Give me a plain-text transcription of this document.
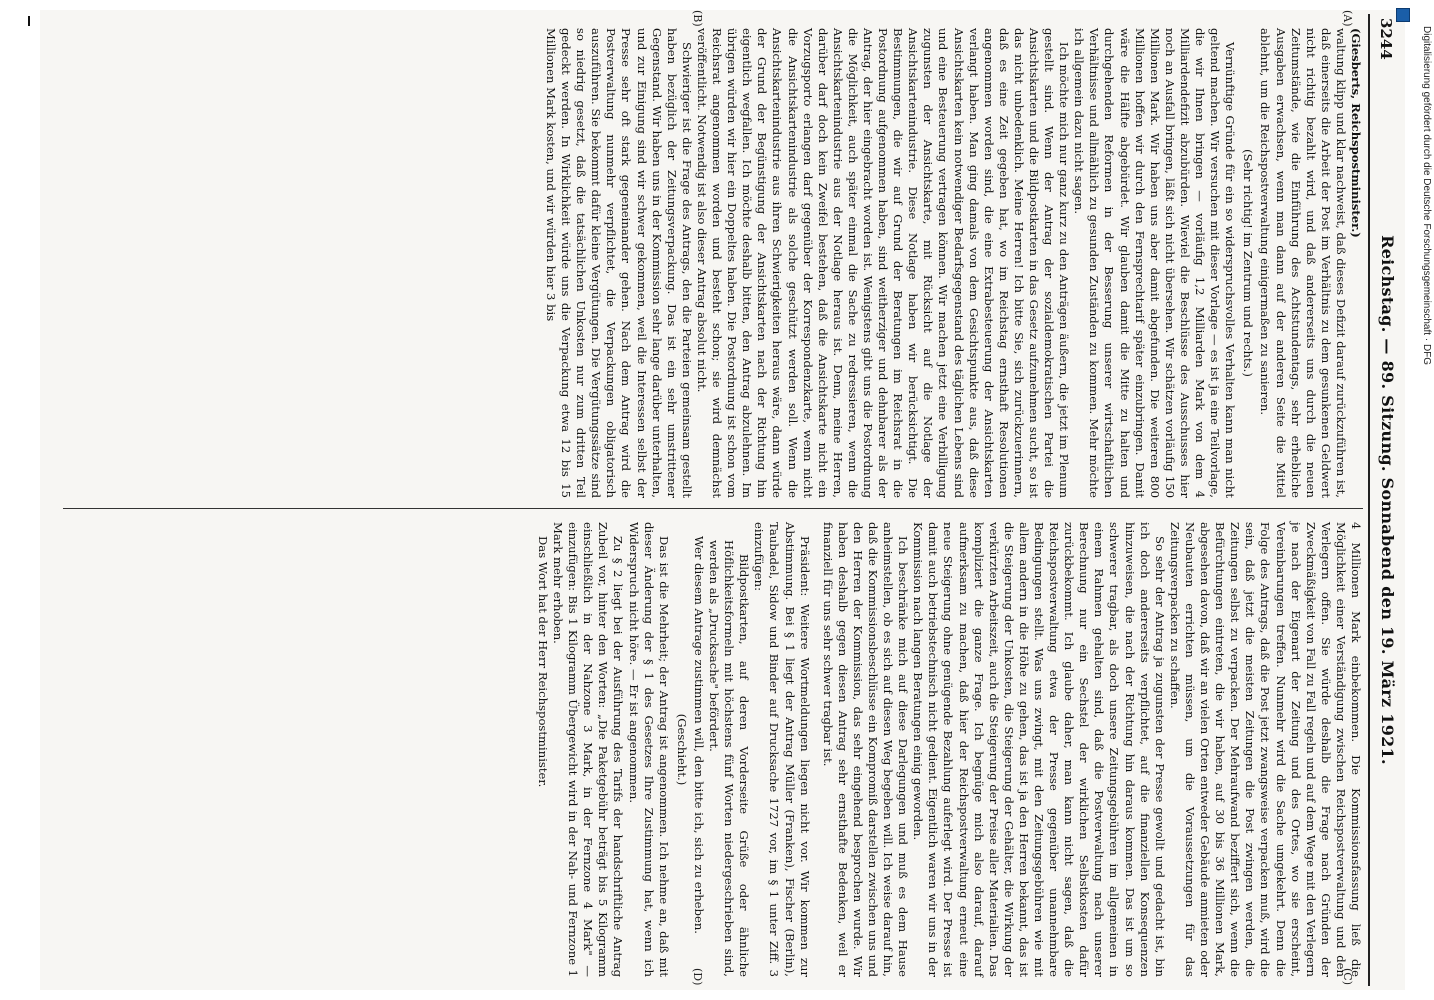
3244
Reichstag. — 89. Sitzung. Sonnabend den 19. März 1921.

(Giesberts, Reichspostminister.)

waltung klipp und klar nachweist, daß dieses Defizit darauf zurückzuführen ist, daß einerseits die Arbeit der Post im Verhältnis zu dem gesunkenen Geldwert nicht richtig bezahlt wird, und daß andererseits uns durch die neuen Zeitumstände, wie die Einführung des Achtstundentags, sehr erhebliche Ausgaben erwachsen, wenn man dann auf der anderen Seite die Mittel ablehnt, um die Reichspostverwaltung einigermaßen zu sanieren.

(Sehr richtig! im Zentrum und rechts.)

Vernünftige Gründe für ein so widerspruchsvolles Verhalten kann man nicht geltend machen. Wir versuchen mit dieser Vorlage — es ist ja eine Teilvorlage, die wir Ihnen bringen — vorläufig 1,2 Milliarden Mark von dem 4 Milliardendefizit abzubürden. Wieviel die Beschlüsse des Ausschusses hier noch an Ausfall bringen, läßt sich nicht übersehen. Wir schätzen vorläufig 150 Millionen Mark. Wir haben uns aber damit abgefunden. Die weiteren 800 Millionen hoffen wir durch den Fernsprechtarif später einzubringen. Damit wäre die Hälfte abgebürdet. Wir glauben damit die Mitte zu halten und durchgehenden Reformen in der Besserung unserer wirtschaftlichen Verhältnisse und allmählich zu gesunden Zuständen zu kommen. Mehr möchte ich allgemein dazu nicht sagen.

Ich möchte mich nur ganz kurz zu den Anträgen äußern, die jetzt im Plenum gestellt sind. Wenn der Antrag der sozialdemokratischen Partei die Ansichtskarten und die Bildpostkarten in das Gesetz aufzunehmen sucht, so ist das nicht unbedenklich. Meine Herren! Ich bitte Sie, sich zurückzuerinnern, daß es eine Zeit gegeben hat, wo im Reichstag ernsthaft Resolutionen angenommen worden sind, die eine Extrabesteuerung der Ansichtskarten verlangt haben. Man ging damals von dem Gesichtspunkte aus, daß diese Ansichtskarten kein notwendiger Bedarfsgegenstand des täglichen Lebens sind und eine Besteuerung vertragen können. Wir machen jetzt eine Verbilligung zugunsten der Ansichtskarte, mit Rücksicht auf die Notlage der Ansichtskartenindustrie. Diese Notlage haben wir berücksichtigt. Die Bestimmungen, die wir auf Grund der Beratungen im Reichsrat in die Postordnung aufgenommen haben, sind weitherziger und dehnbarer als der Antrag, der hier eingebracht worden ist. Wenigstens gibt uns die Postordnung die Möglichkeit, auch später einmal die Sache zu redressieren, wenn die Ansichtskartenindustrie aus der Notlage heraus ist. Denn, meine Herren, darüber darf doch kein Zweifel bestehen, daß die Ansichtskarte nicht ein Vorzugsporto erlangen darf gegenüber der Korrespondenzkarte, wenn nicht die Ansichtskartenindustrie als solche geschützt werden soll. Wenn die Ansichtskartenindustrie aus ihren Schwierigkeiten heraus wäre, dann würde der Grund der Begünstigung der Ansichtskarten nach der Richtung hin eigentlich wegfallen. Ich möchte deshalb bitten, den Antrag abzulehnen. Im übrigen würden wir hier ein Doppeltes haben. Die Postordnung ist schon vom Reichsrat angenommen worden und besteht schon; sie wird demnächst veröffentlicht. Notwendig ist also dieser Antrag absolut nicht.

Schwieriger ist die Frage des Antrags, den die Parteien gemeinsam gestellt haben bezüglich der Zeitungsverpackung. Das ist ein sehr umstrittener Gegenstand. Wir haben uns in der Kommission sehr lange darüber unterhalten, und zur Einigung sind wir schwer gekommen, weil die Interessen selbst der Presse sehr oft stark gegeneinander gehen. Nach dem Antrag wird die Postverwaltung nunmehr verpflichtet, die Verpackungen obligatorisch auszuführen. Sie bekommt dafür kleine Vergütungen. Die Vergütungssätze sind so niedrig gesetzt, daß die tatsächlichen Unkosten nur zum dritten Teil gedeckt werden. In Wirklichkeit würde uns die Verpackung etwa 12 bis 15 Millionen Mark kosten, und wir würden hier 3 bis

4 Millionen Mark einbekommen. Die Kommissionsfassung ließ die Möglichkeit einer Verständigung zwischen Reichspostverwaltung und den Verlegern offen. Sie würde deshalb die Frage nach Gründen der Zweckmäßigkeit von Fall zu Fall regeln und auf dem Wege mit den Verlegern je nach der Eigenart der Zeitung und des Ortes, wo sie erscheint, Vereinbarungen treffen. Nunmehr wird die Sache umgekehrt. Denn die Folge des Antrags, daß die Post jetzt zwangsweise verpacken muß, wird die sein, daß jetzt die meisten Zeitungen die Post zwingen werden, die Zeitungen selbst zu verpacken. Der Mehraufwand beziffert sich, wenn die Befürchtungen eintreten, die wir haben, auf 30 bis 36 Millionen Mark, abgesehen davon, daß wir an vielen Orten entweder Gebäude anmieten oder Neubauten errichten müssen, um die Voraussetzungen für das Zeitungsverpacken zu schaffen.

So sehr der Antrag ja zugunsten der Presse gewollt und gedacht ist, bin ich doch andererseits verpflichtet, auf die finanziellen Konsequenzen hinzuweisen, die nach der Richtung hin daraus kommen. Das ist um so schwerer tragbar, als doch unsere Zeitungsgebühren im allgemeinen in einem Rahmen gehalten sind, daß die Postverwaltung nach unserer Berechnung nur ein Sechstel der wirklichen Selbstkosten dafür zurückbekommt. Ich glaube daher, man kann nicht sagen, daß die Reichspostverwaltung etwa der Presse gegenüber unannehmbare Bedingungen stellt. Was uns zwingt, mit den Zeitungsgebühren wie mit allem andern in die Höhe zu gehen, das ist ja den Herren bekannt, das ist die Steigerung der Unkosten, die Steigerung der Gehälter, die Wirkung der verkürzten Arbeitszeit, auch die Steigerung der Preise aller Materialien. Das kompliziert die ganze Frage. Ich begnüge mich also darauf, darauf aufmerksam zu machen, daß hier der Reichspostverwaltung erneut eine neue Steigerung ohne genügende Bezahlung auferlegt wird. Der Presse ist damit auch betriebstechnisch nicht gedient. Eigentlich waren wir uns in der Kommission nach langen Beratungen einig geworden.

Ich beschränke mich auf diese Darlegungen und muß es dem Hause anheimstellen, ob es sich auf diesen Weg begeben will. Ich weise darauf hin, daß die Kommissionsbeschlüsse ein Kompromiß darstellen zwischen uns und den Herren der Kommission, das sehr eingehend besprochen wurde. Wir haben deshalb gegen diesen Antrag sehr ernsthafte Bedenken, weil er finanziell für uns sehr schwer tragbar ist.

Präsident: Weitere Wortmeldungen liegen nicht vor. Wir kommen zur Abstimmung. Bei § 1 liegt der Antrag Müller (Franken), Fischer (Berlin), Taubadel, Sidow und Binder auf Drucksache 1727 vor, im § 1 unter Ziff. 3 einzufügen:

Bildpostkarten, auf deren Vorderseite Grüße oder ähnliche Höflichkeitsformeln mit höchstens fünf Worten niedergeschrieben sind, werden als „Drucksache" befördert.

Wer diesem Antrage zustimmen will, den bitte ich, sich zu erheben.

(Geschieht.)

Das ist die Mehrheit; der Antrag ist angenommen. Ich nehme an, daß mit dieser Änderung der § 1 des Gesetzes Ihre Zustimmung hat, wenn ich Widerspruch nicht höre. — Er ist angenommen.

Zu § 2 liegt bei der Ausführung des Tarifs der handschriftliche Antrag Zubeil vor, hinter den Worten: „Die Paketgebühr beträgt bis 5 Kilogramm einschließlich in der Nahzone 3 Mark, in der Fernzone 4 Mark" — einzufügen: Bis 1 Kilogramm Übergewicht wird in der Nah- und Fernzone 1 Mark mehr erhoben.

Das Wort hat der Herr Reichspostminister.

(A)
(B)
(C)
(D)
Digitalisierung gefördert durch die Deutsche Forschungsgemeinschaft · DFG
